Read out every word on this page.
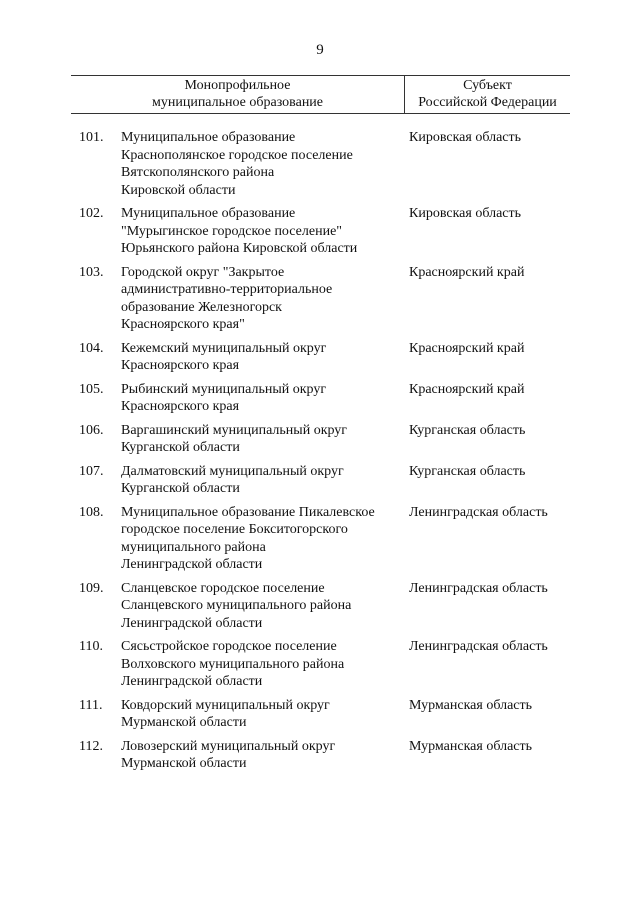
9
Монопрофильное
муниципальное образование
Субъект
Российской Федерации
101. Муниципальное образование
Краснополянское городское поселение
Вятскополянского района
Кировской области
Кировская область
102. Муниципальное образование
"Мурыгинское городское поселение"
Юрьянского района Кировской области
Кировская область
103. Городской округ "Закрытое
административно-территориальное
образование Железногорск
Красноярского края"
Красноярский край
104. Кежемский муниципальный округ
Красноярского края
Красноярский край
105. Рыбинский муниципальный округ
Красноярского края
Красноярский край
106. Варгашинский муниципальный округ
Курганской области
Курганская область
107. Далматовский муниципальный округ
Курганской области
Курганская область
108. Муниципальное образование Пикалевское
городское поселение Бокситогорского
муниципального района
Ленинградской области
Ленинградская область
109. Сланцевское городское поселение
Сланцевского муниципального района
Ленинградской области
Ленинградская область
110. Сясьстройское городское поселение
Волховского муниципального района
Ленинградской области
Ленинградская область
111. Ковдорский муниципальный округ
Мурманской области
Мурманская область
112. Ловозерский муниципальный округ
Мурманской области
Мурманская область
